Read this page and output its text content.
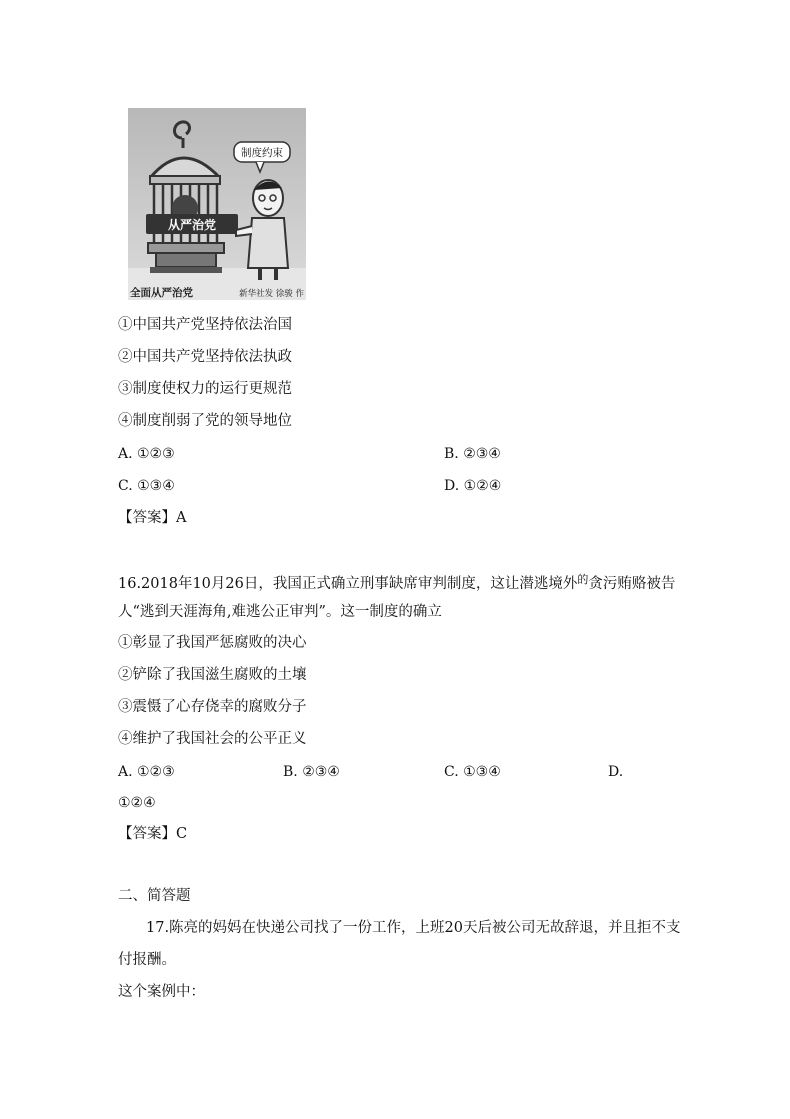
从严治党
制度约束
全面从严治党	新华社发 徐骏 作
①中国共产党坚持依法治国
②中国共产党坚持依法执政
③制度使权力的运行更规范
④制度削弱了党的领导地位
A. ①②③	B. ②③④
C. ①③④	D. ①②④
【答案】A
16.2018年10月26日，我国正式确立刑事缺席审判制度，这让潜逃境外$^的$贪污贿赂被告
人“逃到天涯海角,难逃公正审判”。这一制度的确立
①彰显了我国严惩腐败的决心
②铲除了我国滋生腐败的土壤
③震慑了心存侥幸的腐败分子
④维护了我国社会的公平正义
A. ①②③	B. ②③④	C. ①③④	D.
①②④
【答案】C
二、简答题
17.陈亮的妈妈在快递公司找了一份工作，上班20天后被公司无故辞退，并且拒不支
付报酬。
这个案例中：
